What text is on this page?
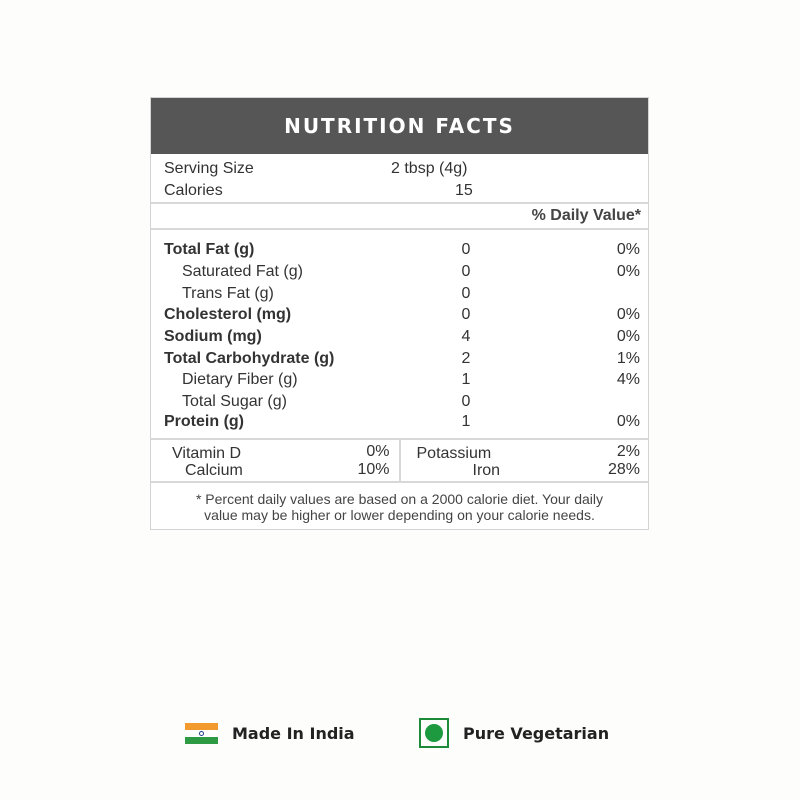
NUTRITION FACTS
Serving Size	2 tbsp (4g)
Calories	15
% Daily Value*
Total Fat (g)	0	0%
Saturated Fat (g)	0	0%
Trans Fat (g)	0
Cholesterol (mg)	0	0%
Sodium (mg)	4	0%
Total Carbohydrate (g)	2	1%
Dietary Fiber (g)	1	4%
Total Sugar (g)	0
Protein (g)	1	0%
Vitamin D	0%
Calcium	10%
Potassium	2%
Iron	28%
* Percent daily values are based on a 2000 calorie diet. Your daily
value may be higher or lower depending on your calorie needs.
Made In India	Pure Vegetarian
